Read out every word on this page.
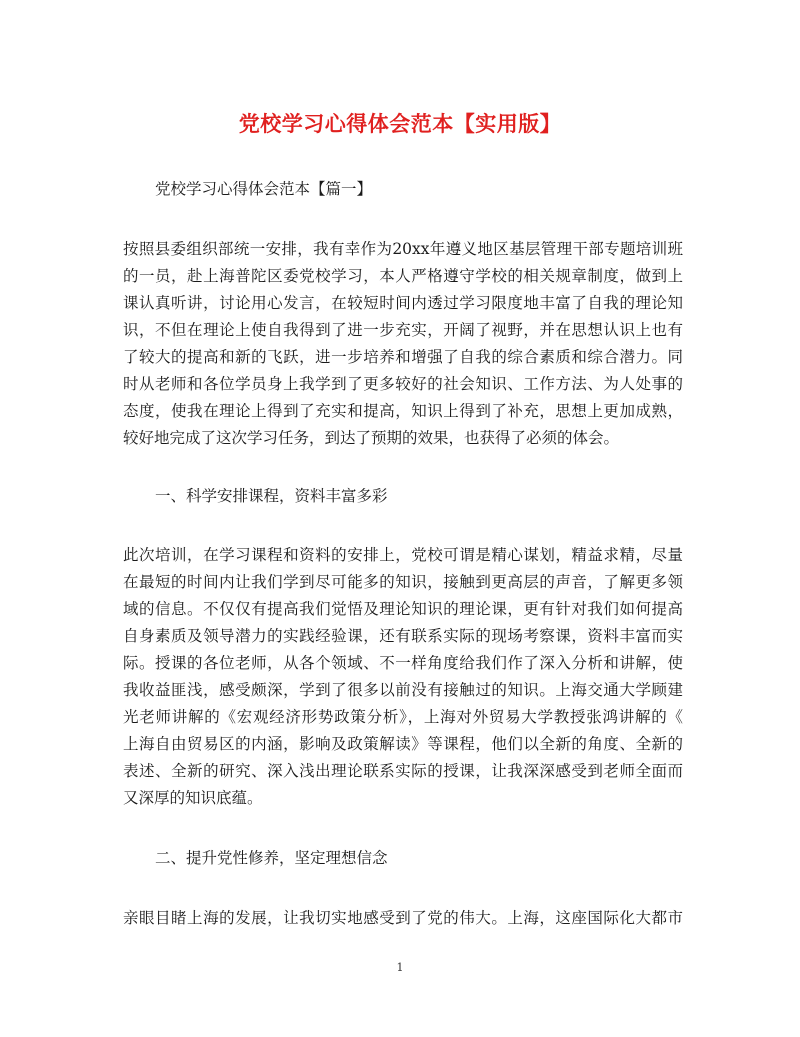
党校学习心得体会范本【实用版】
党校学习心得体会范本【篇一】
按照县委组织部统一安排，我有幸作为20xx年遵义地区基层管理干部专题培训班
的一员，赴上海普陀区委党校学习，本人严格遵守学校的相关规章制度，做到上
课认真听讲，讨论用心发言，在较短时间内透过学习限度地丰富了自我的理论知
识，不但在理论上使自我得到了进一步充实，开阔了视野，并在思想认识上也有
了较大的提高和新的飞跃，进一步培养和增强了自我的综合素质和综合潜力。同
时从老师和各位学员身上我学到了更多较好的社会知识、工作方法、为人处事的
态度，使我在理论上得到了充实和提高，知识上得到了补充，思想上更加成熟，
较好地完成了这次学习任务，到达了预期的效果，也获得了必须的体会。
一、科学安排课程，资料丰富多彩
此次培训，在学习课程和资料的安排上，党校可谓是精心谋划，精益求精，尽量
在最短的时间内让我们学到尽可能多的知识，接触到更高层的声音，了解更多领
域的信息。不仅仅有提高我们觉悟及理论知识的理论课，更有针对我们如何提高
自身素质及领导潜力的实践经验课，还有联系实际的现场考察课，资料丰富而实
际。授课的各位老师，从各个领域、不一样角度给我们作了深入分析和讲解，使
我收益匪浅，感受颇深，学到了很多以前没有接触过的知识。上海交通大学顾建
光老师讲解的《宏观经济形势政策分析》，上海对外贸易大学教授张鸿讲解的《
上海自由贸易区的内涵，影响及政策解读》等课程，他们以全新的角度、全新的
表述、全新的研究、深入浅出理论联系实际的授课，让我深深感受到老师全面而
又深厚的知识底蕴。
二、提升党性修养，坚定理想信念
亲眼目睹上海的发展，让我切实地感受到了党的伟大。上海，这座国际化大都市
1
